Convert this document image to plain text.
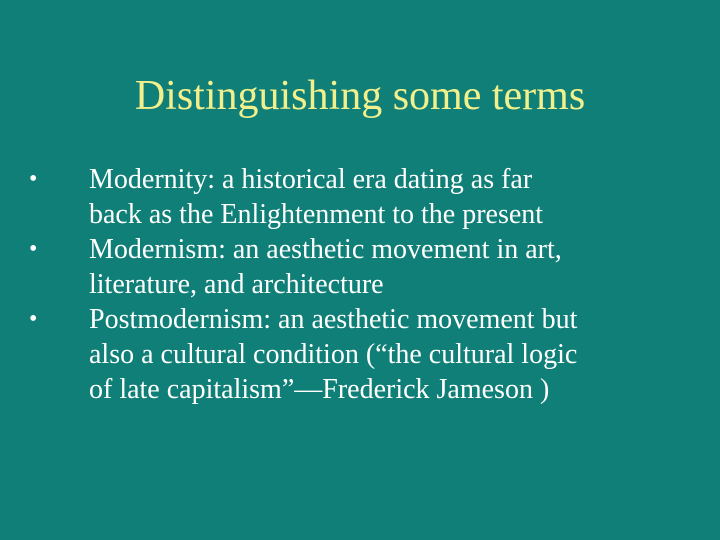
Distinguishing some terms
•	Modernity: a historical era dating as far
back as the Enlightenment to the present
•	Modernism: an aesthetic movement in art,
literature, and architecture
•	Postmodernism: an aesthetic movement but
also a cultural condition (“the cultural logic
of late capitalism”—Frederick Jameson )
